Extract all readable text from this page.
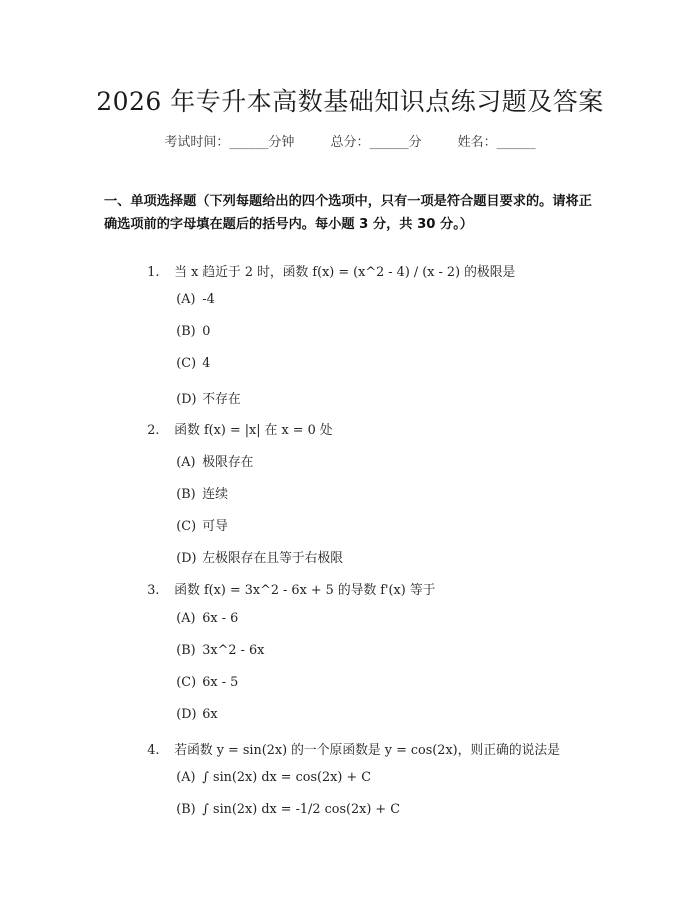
2026 年专升本高数基础知识点练习题及答案
考试时间：______分钟	总分：______分	姓名：______
一、单项选择题（下列每题给出的四个选项中，只有一项是符合题目要求的。请将正确选项前的字母填在题后的括号内。每小题 3 分，共 30 分。）

1. 当 x 趋近于 2 时，函数 f(x) = (x^2 - 4) / (x - 2) 的极限是

(A) -4

(B) 0

(C) 4

(D) 不存在

2. 函数 f(x) = |x| 在 x = 0 处

(A) 极限存在

(B) 连续

(C) 可导

(D) 左极限存在且等于右极限

3. 函数 f(x) = 3x^2 - 6x + 5 的导数 f'(x) 等于

(A) 6x - 6

(B) 3x^2 - 6x

(C) 6x - 5

(D) 6x

4. 若函数 y = sin(2x) 的一个原函数是 y = cos(2x)，则正确的说法是

(A) ∫ sin(2x) dx = cos(2x) + C

(B) ∫ sin(2x) dx = -1/2 cos(2x) + C
